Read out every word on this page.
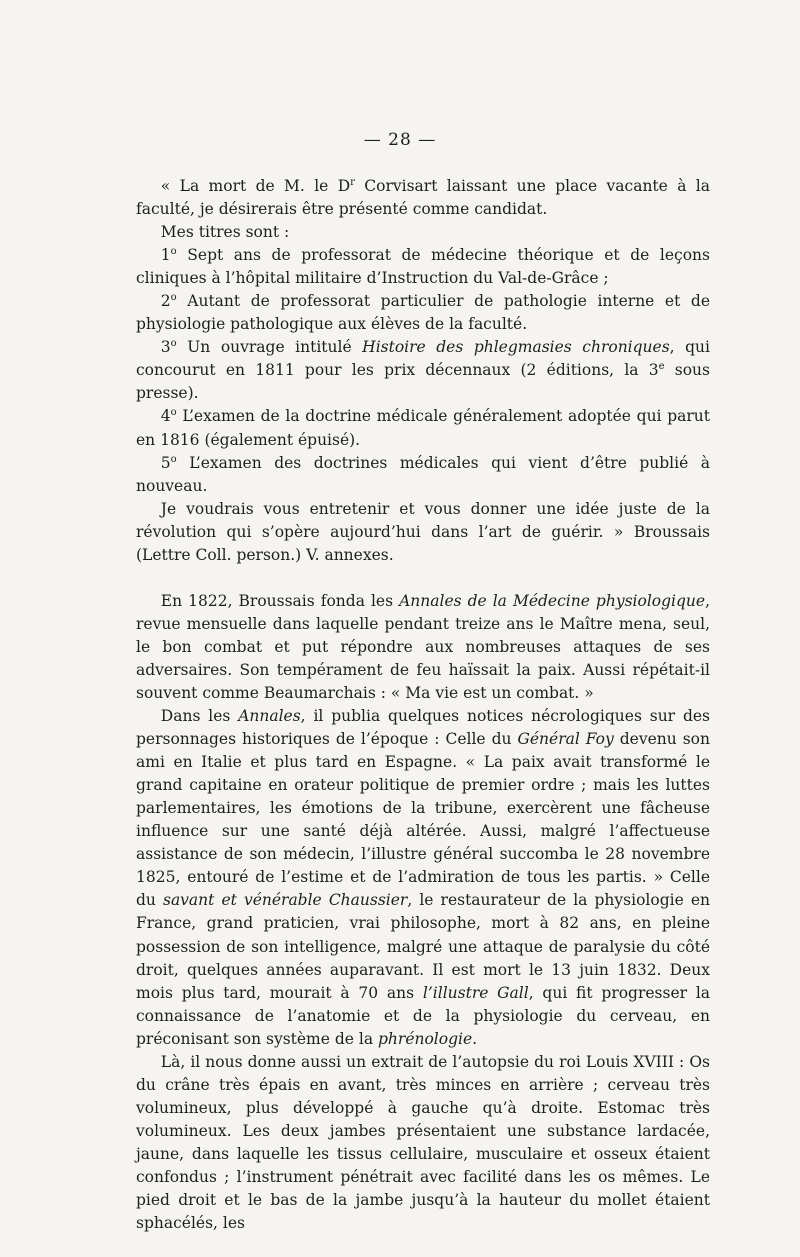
— 28 —

« La mort de M. le $D^r$ Corvisart laissant une place vacante à la faculté, je désirerais être présenté comme candidat.

Mes titres sont :

1$^o$ Sept ans de professorat de médecine théorique et de leçons cliniques à l’hôpital militaire d’Instruction du Val-de-Grâce ;

2$^o$ Autant de professorat particulier de pathologie interne et de physiologie pathologique aux élèves de la faculté.

3$^o$ Un ouvrage intitulé Histoire des phlegmasies chroniques, qui concourut en 1811 pour les prix décennaux (2 éditions, la 3e sous presse).

4$^o$ L’examen de la doctrine médicale généralement adoptée qui parut en 1816 (également épuisé).

5$^o$ L’examen des doctrines médicales qui vient d’être publié à nouveau.

Je voudrais vous entretenir et vous donner une idée juste de la révolution qui s’opère aujourd’hui dans l’art de guérir. » Broussais (Lettre Coll. person.) V. annexes.

En 1822, Broussais fonda les Annales de la Médecine physiologique, revue mensuelle dans laquelle pendant treize ans le Maître mena, seul, le bon combat et put répondre aux nombreuses attaques de ses adversaires. Son tempérament de feu haïssait la paix. Aussi répétait-il souvent comme Beaumarchais : « Ma vie est un combat. »

Dans les Annales, il publia quelques notices nécrologiques sur des personnages historiques de l’époque : Celle du Général Foy devenu son ami en Italie et plus tard en Espagne. « La paix avait transformé le grand capitaine en orateur politique de premier ordre ; mais les luttes parlementaires, les émotions de la tribune, exercèrent une fâcheuse influence sur une santé déjà altérée. Aussi, malgré l’affectueuse assistance de son médecin, l’illustre général succomba le 28 novembre 1825, entouré de l’estime et de l’admiration de tous les partis. » Celle du savant et vénérable Chaussier, le restaurateur de la physiologie en France, grand praticien, vrai philosophe, mort à 82 ans, en pleine possession de son intelligence, malgré une attaque de paralysie du côté droit, quelques années auparavant. Il est mort le 13 juin 1832. Deux mois plus tard, mourait à 70 ans l’illustre Gall, qui fit progresser la connaissance de l’anatomie et de la physiologie du cerveau, en préconisant son système de la phrénologie.

Là, il nous donne aussi un extrait de l’autopsie du roi Louis XVIII : Os du crâne très épais en avant, très minces en arrière ; cerveau très volumineux, plus développé à gauche qu’à droite. Estomac très volumineux. Les deux jambes présentaient une substance lardacée, jaune, dans laquelle les tissus cellulaire, musculaire et osseux étaient confondus ; l’instrument pénétrait avec facilité dans les os mêmes. Le pied droit et le bas de la jambe jusqu’à la hauteur du mollet étaient sphacélés, les
